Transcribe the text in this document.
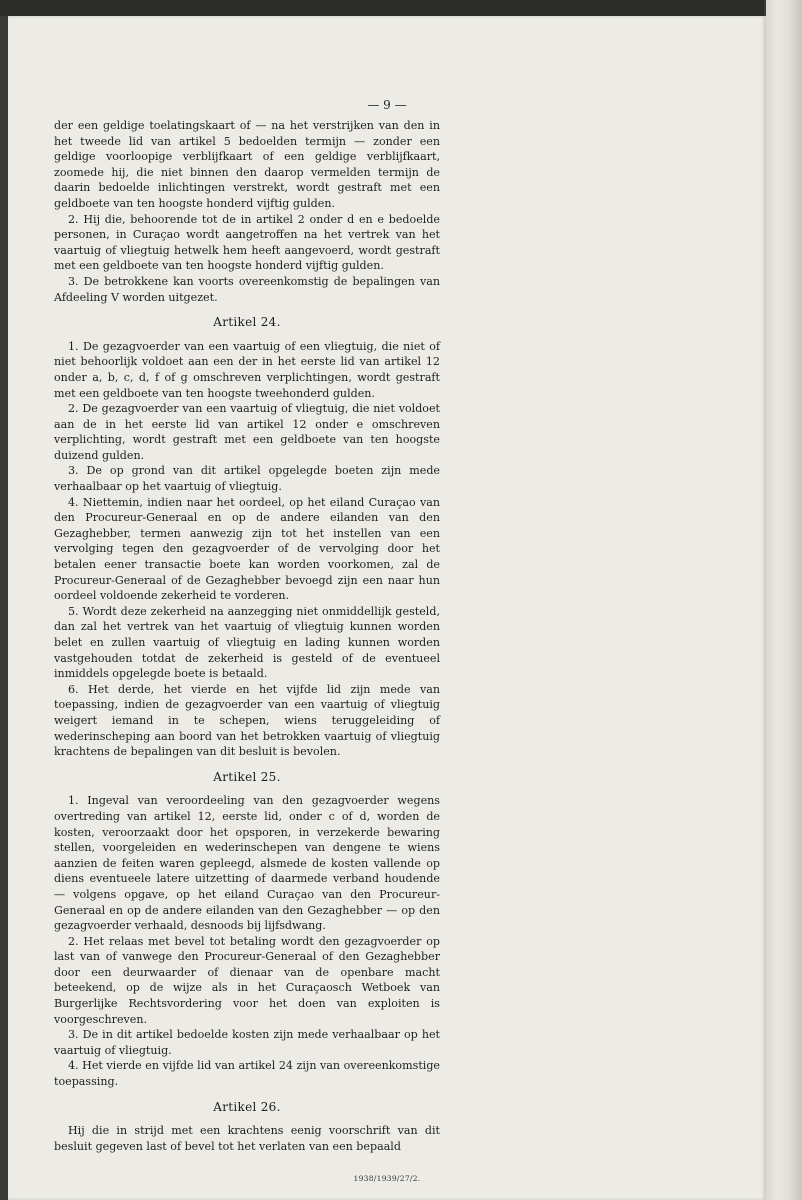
— 9 —

der een geldige toelatingskaart of — na het verstrijken van den in het tweede lid van artikel 5 bedoelden termijn — zonder een geldige voorloopige verblijfkaart of een geldige verblijfkaart, zoomede hij, die niet binnen den daarop vermelden termijn de daarin bedoelde inlichtingen verstrekt, wordt gestraft met een geldboete van ten hoogste honderd vijftig gulden.

2. Hij die, behoorende tot de in artikel 2 onder d en e bedoelde personen, in Curaçao wordt aangetroffen na het vertrek van het vaartuig of vliegtuig hetwelk hem heeft aangevoerd, wordt gestraft met een geldboete van ten hoogste honderd vijftig gulden.

3. De betrokkene kan voorts overeenkomstig de bepalingen van Afdeeling V worden uitgezet.

Artikel 24.

1. De gezagvoerder van een vaartuig of een vliegtuig, die niet of niet behoorlijk voldoet aan een der in het eerste lid van artikel 12 onder a, b, c, d, f of g omschreven verplichtingen, wordt gestraft met een geldboete van ten hoogste tweehonderd gulden.

2. De gezagvoerder van een vaartuig of vliegtuig, die niet voldoet aan de in het eerste lid van artikel 12 onder e omschreven verplichting, wordt gestraft met een geldboete van ten hoogste duizend gulden.

3. De op grond van dit artikel opgelegde boeten zijn mede verhaalbaar op het vaartuig of vliegtuig.

4. Niettemin, indien naar het oordeel, op het eiland Curaçao van den Procureur-Generaal en op de andere eilanden van den Gezaghebber, termen aanwezig zijn tot het instellen van een vervolging tegen den gezagvoerder of de vervolging door het betalen eener transactie boete kan worden voorkomen, zal de Procureur-Generaal of de Gezaghebber bevoegd zijn een naar hun oordeel voldoende zekerheid te vorderen.

5. Wordt deze zekerheid na aanzegging niet onmiddellijk gesteld, dan zal het vertrek van het vaartuig of vliegtuig kunnen worden belet en zullen vaartuig of vliegtuig en lading kunnen worden vastgehouden totdat de zekerheid is gesteld of de eventueel inmiddels opgelegde boete is betaald.

6. Het derde, het vierde en het vijfde lid zijn mede van toepassing, indien de gezagvoerder van een vaartuig of vliegtuig weigert iemand in te schepen, wiens teruggeleiding of wederinscheping aan boord van het betrokken vaartuig of vliegtuig krachtens de bepalingen van dit besluit is bevolen.

Artikel 25.

1. Ingeval van veroordeeling van den gezagvoerder wegens overtreding van artikel 12, eerste lid, onder c of d, worden de kosten, veroorzaakt door het opsporen, in verzekerde bewaring stellen, voorgeleiden en wederinschepen van dengene te wiens aanzien de feiten waren gepleegd, alsmede de kosten vallende op diens eventueele latere uitzetting of daarmede verband houdende — volgens opgave, op het eiland Curaçao van den Procureur-Generaal en op de andere eilanden van den Gezaghebber — op den gezagvoerder verhaald, desnoods bij lijfsdwang.

2. Het relaas met bevel tot betaling wordt den gezagvoerder op last van of vanwege den Procureur-Generaal of den Gezaghebber door een deurwaarder of dienaar van de openbare macht beteekend, op de wijze als in het Curaçaosch Wetboek van Burgerlijke Rechtsvordering voor het doen van exploiten is voorgeschreven.

3. De in dit artikel bedoelde kosten zijn mede verhaalbaar op het vaartuig of vliegtuig.

4. Het vierde en vijfde lid van artikel 24 zijn van overeenkomstige toepassing.

Artikel 26.

Hij die in strijd met een krachtens eenig voorschrift van dit besluit gegeven last of bevel tot het verlaten van een bepaald

1938/1939/27/2.
